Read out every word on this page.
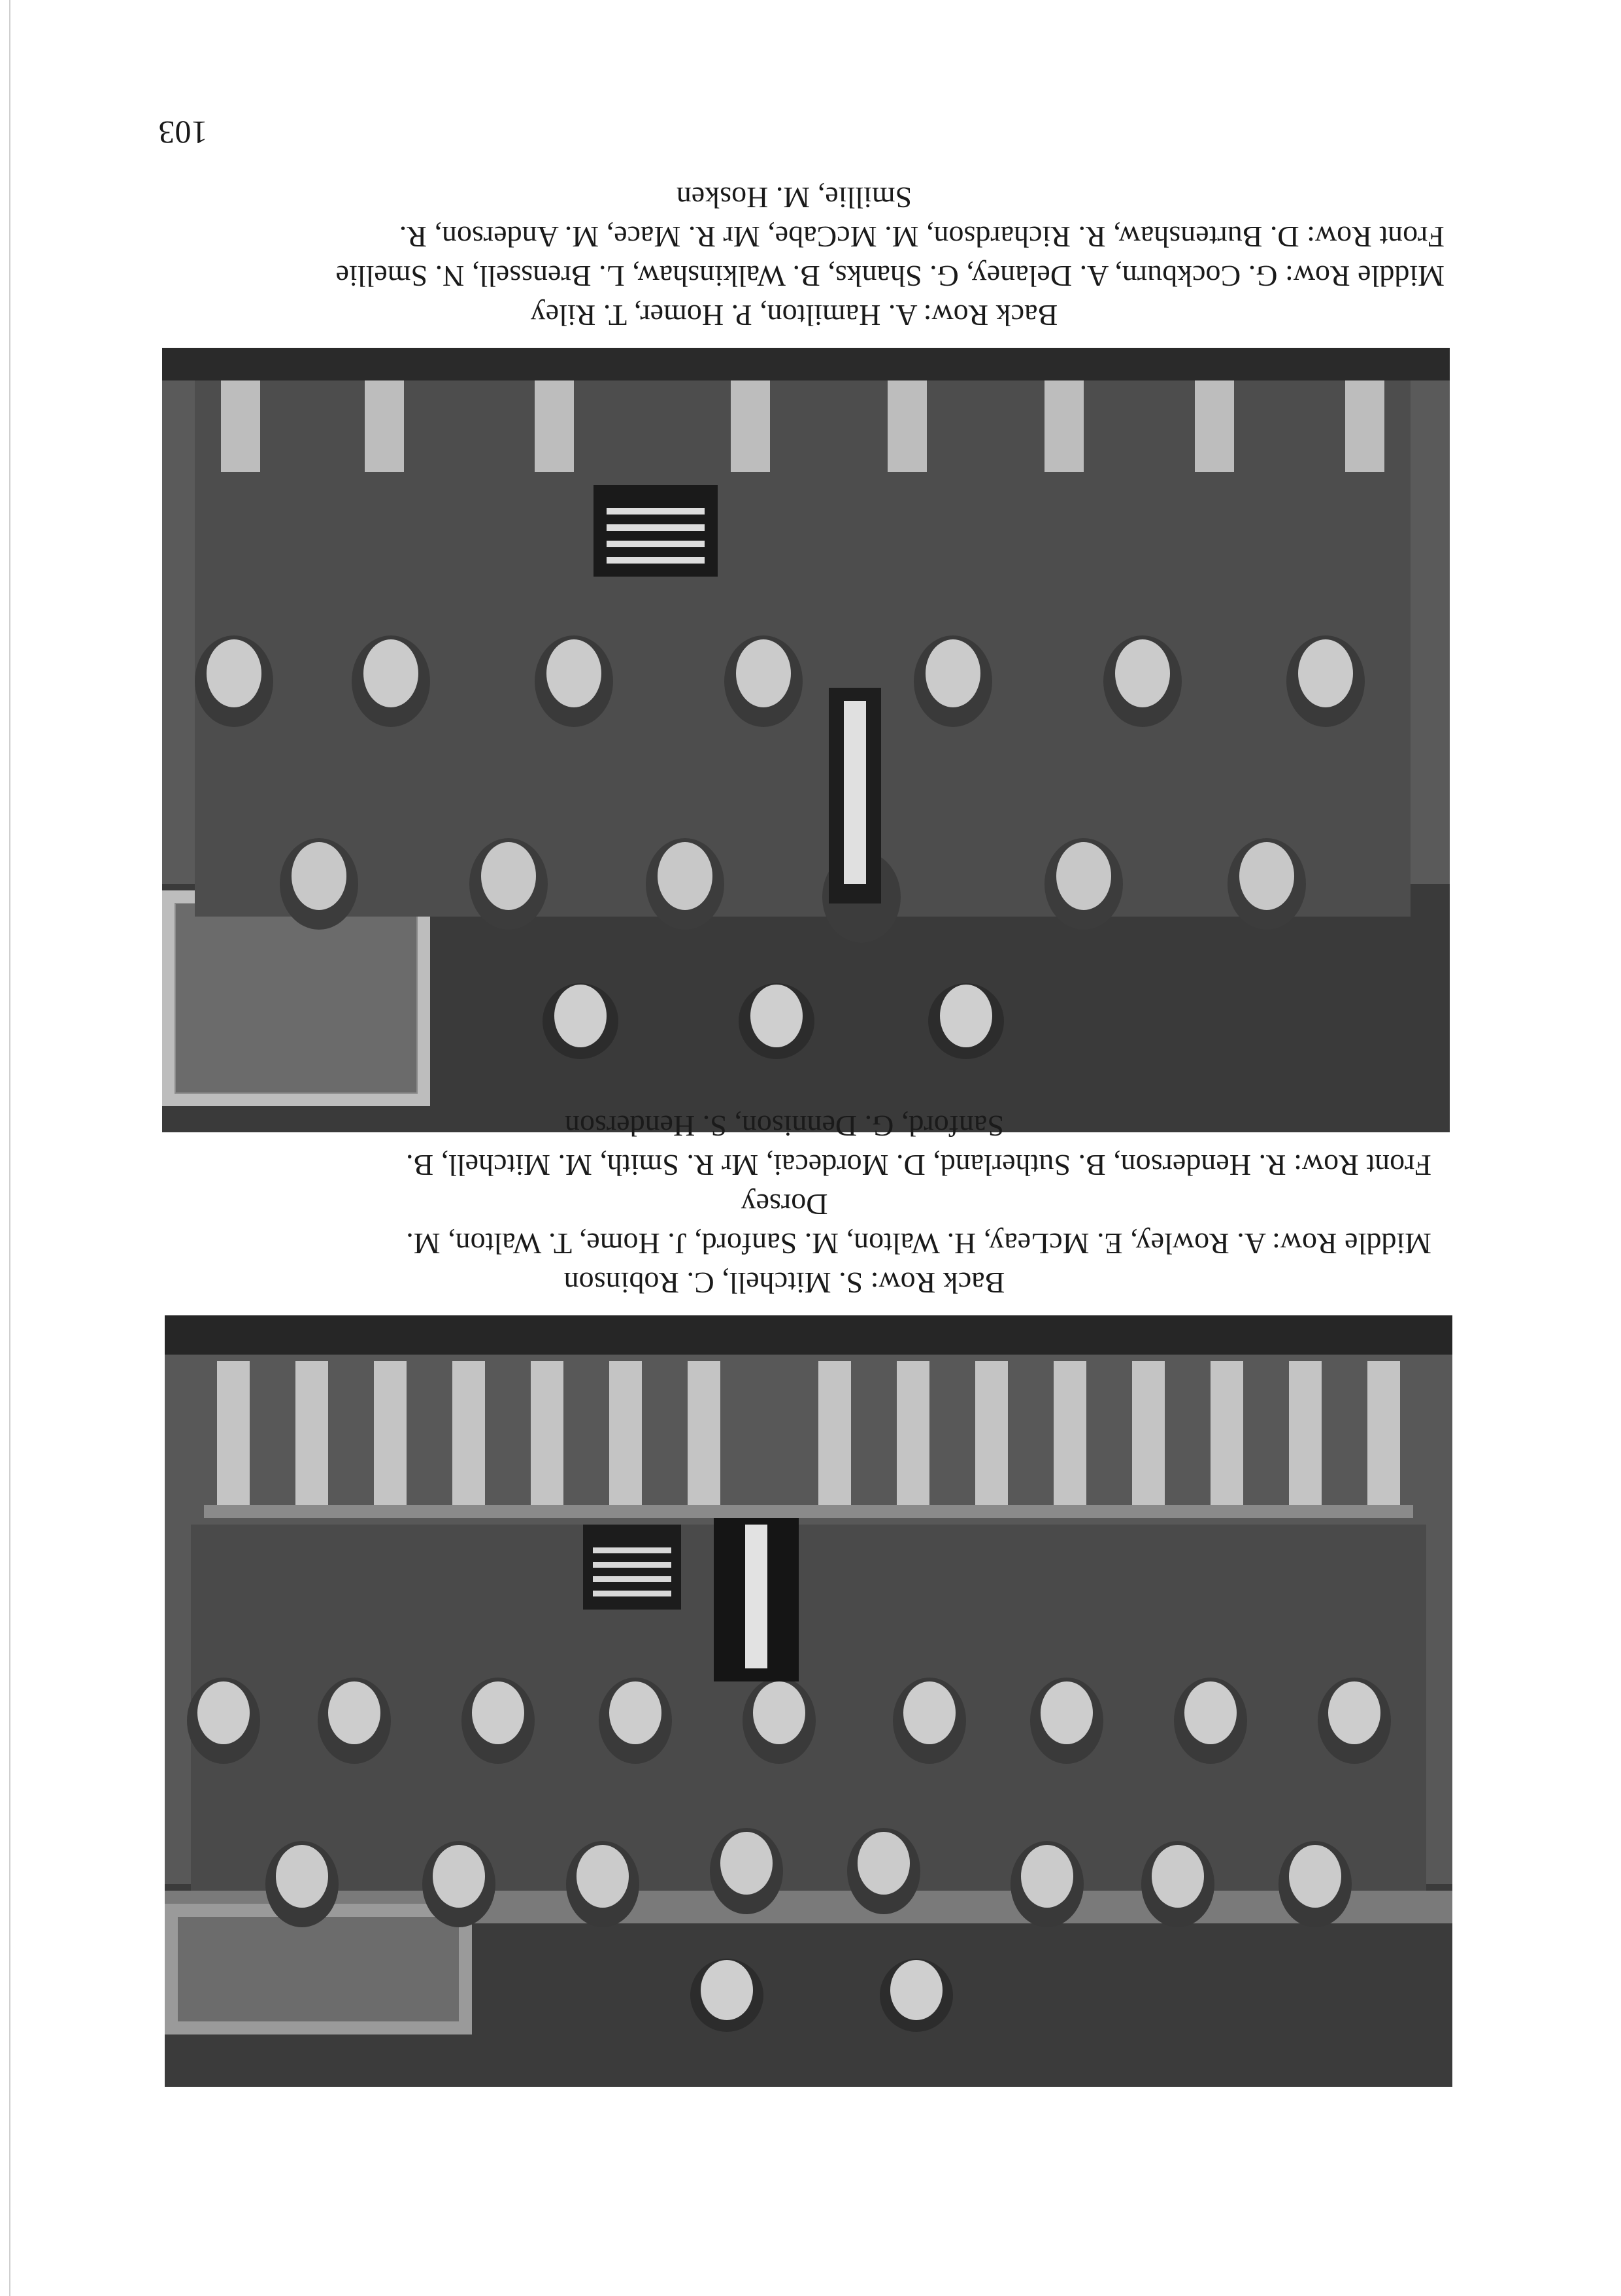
Back Row: A. Hamilton, P. Homer, T. Riley

Middle Row: G. Cockburn, A. Delaney, G. Shanks, B. Walkinshaw, L. Brenssell, N. Smellie

Front Row: D. Burtenshaw, R. Richardson, M. McCabe, Mr R. Mace, M. Anderson, R.

Smillie, M. Hosken

Back Row: S. Mitchell, C. Robinson

Middle Row: A. Rowley, E. McLeay, H. Walton, M. Sanford, J. Home, T. Walton, M.

Dorsey

Front Row: R. Henderson, B. Sutherland, D. Mordecai, Mr R. Smith, M. Mitchell, B.

Sanford, G. Dennison, S. Henderson

103
